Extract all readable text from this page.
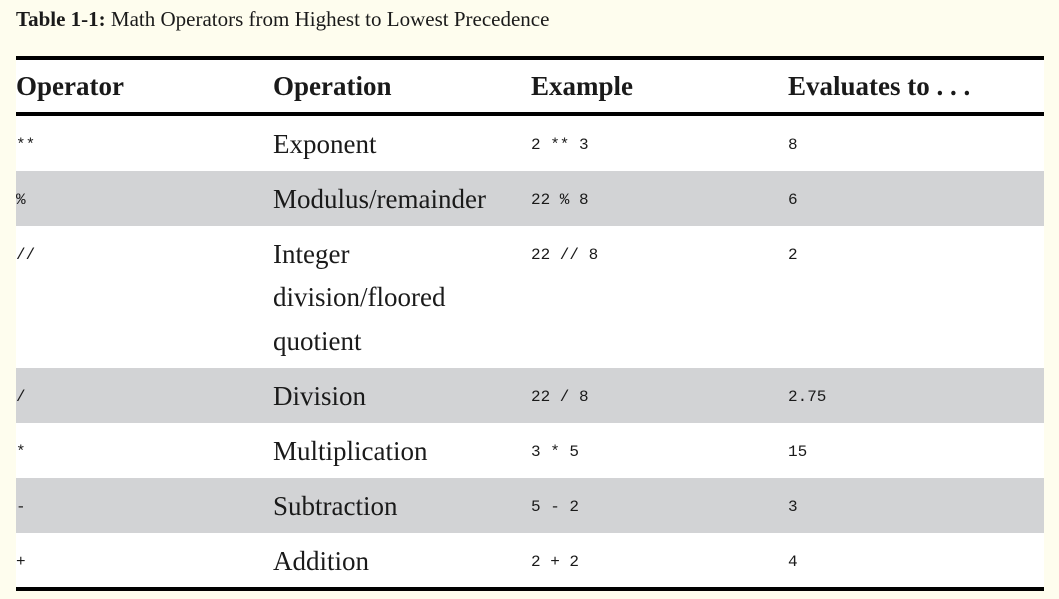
Table 1-1: Math Operators from Highest to Lowest Precedence
Operator	Operation	Example	Evaluates to . . .
**	Exponent	2 ** 3	8
%	Modulus/remainder	22 % 8	6
//	Integer division/floored quotient	22 // 8	2
/	Division	22 / 8	2.75
*	Multiplication	3 * 5	15
-	Subtraction	5 - 2	3
+	Addition	2 + 2	4
